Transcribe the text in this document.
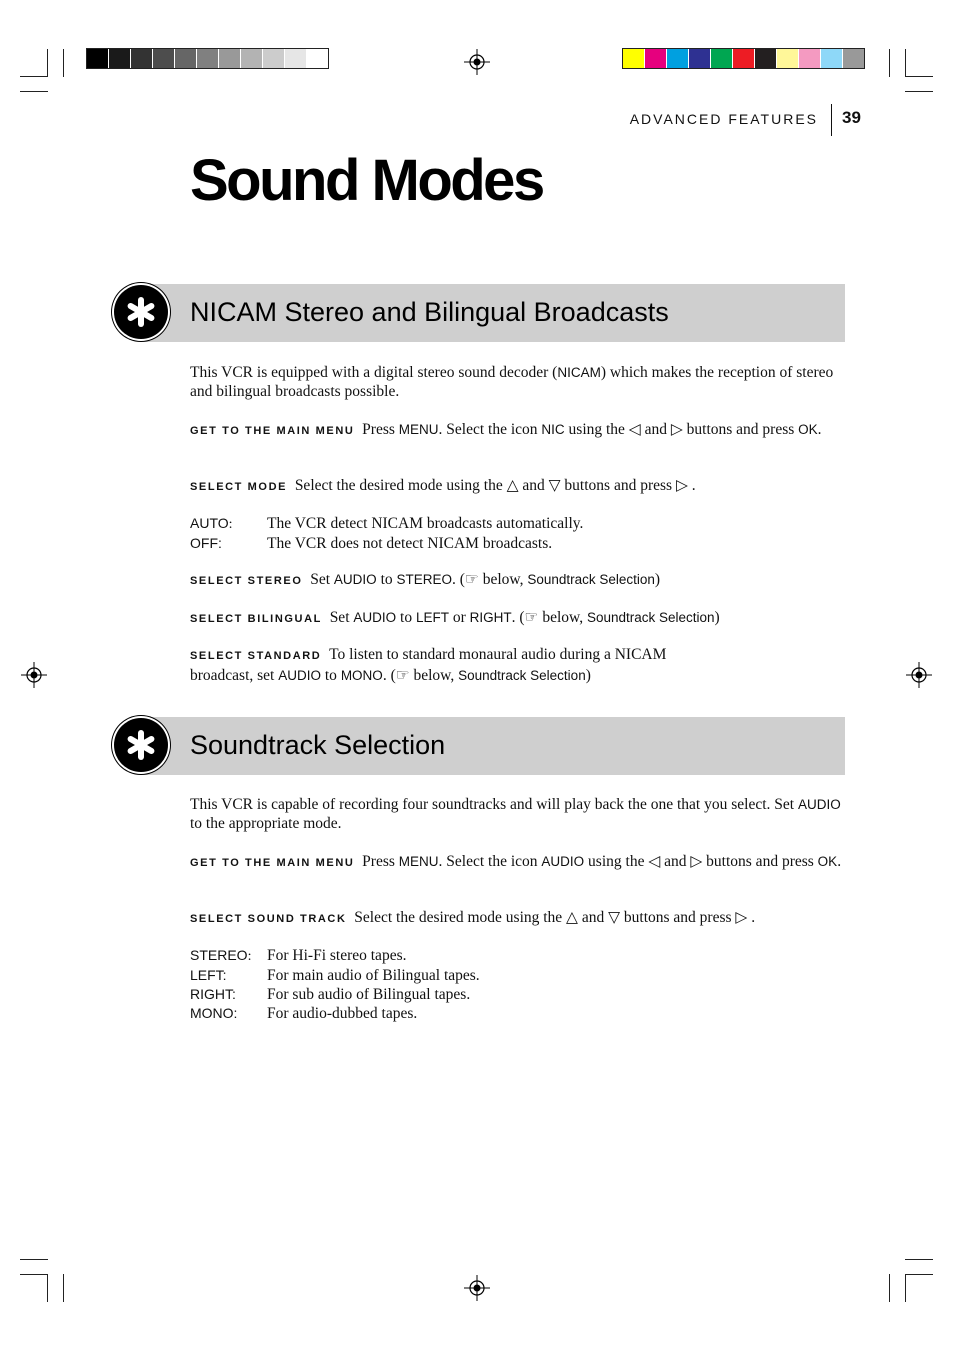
ADVANCED FEATURES 39
Sound Modes
NICAM Stereo and Bilingual Broadcasts

This VCR is equipped with a digital stereo sound decoder (NICAM) which makes the reception of stereo and bilingual broadcasts possible.

GET TO THE MAIN MENU Press MENU. Select the icon NIC using the ◁ and ▷ buttons and press OK.

SELECT MODE Select the desired mode using the △ and ▽ buttons and press ▷ .

AUTO:	The VCR detect NICAM broadcasts automatically.
OFF:	The VCR does not detect NICAM broadcasts.

SELECT STEREO Set AUDIO to STEREO. (☞ below, Soundtrack Selection)

SELECT BILINGUAL Set AUDIO to LEFT or RIGHT. (☞ below, Soundtrack Selection)

SELECT STANDARD To listen to standard monaural audio during a NICAM broadcast, set AUDIO to MONO. (☞ below, Soundtrack Selection)

Soundtrack Selection

This VCR is capable of recording four soundtracks and will play back the one that you select. Set AUDIO to the appropriate mode.

GET TO THE MAIN MENU Press MENU. Select the icon AUDIO using the ◁ and ▷ buttons and press OK.

SELECT SOUND TRACK Select the desired mode using the △ and ▽ buttons and press ▷ .

STEREO:	For Hi-Fi stereo tapes.
LEFT:	For main audio of Bilingual tapes.
RIGHT:	For sub audio of Bilingual tapes.
MONO:	For audio-dubbed tapes.
